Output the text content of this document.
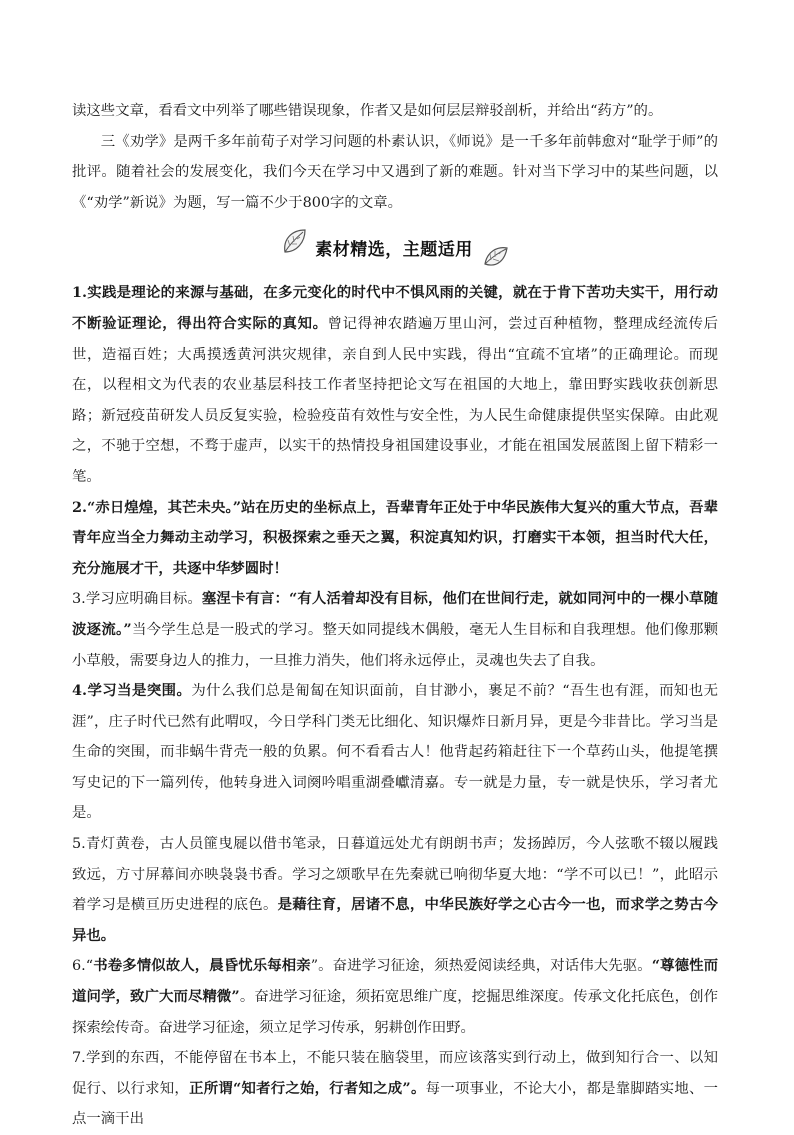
读这些文章，看看文中列举了哪些错误现象，作者又是如何层层辩驳剖析，并给出“药方”的。

三《劝学》是两千多年前荀子对学习问题的朴素认识，《师说》是一千多年前韩愈对“耻学于师”的批评。随着社会的发展变化，我们今天在学习中又遇到了新的难题。针对当下学习中的某些问题，以《“劝学”新说》为题，写一篇不少于800字的文章。

素材精选，主题适用

1.实践是理论的来源与基础，在多元变化的时代中不惧风雨的关键，就在于肯下苦功夫实干，用行动不断验证理论，得出符合实际的真知。曾记得神农踏遍万里山河，尝过百种植物，整理成经流传后世，造福百姓；大禹摸透黄河洪灾规律，亲自到人民中实践，得出“宜疏不宜堵”的正确理论。而现在，以程相文为代表的农业基层科技工作者坚持把论文写在祖国的大地上，靠田野实践收获创新思路；新冠疫苗研发人员反复实验，检验疫苗有效性与安全性，为人民生命健康提供坚实保障。由此观之，不驰于空想，不骛于虚声，以实干的热情投身祖国建设事业，才能在祖国发展蓝图上留下精彩一笔。

2.“赤日煌煌，其芒未央。”站在历史的坐标点上，吾辈青年正处于中华民族伟大复兴的重大节点，吾辈青年应当全力舞动主动学习，积极探索之垂天之翼，积淀真知灼识，打磨实干本领，担当时代大任，充分施展才干，共逐中华梦圆时！

3.学习应明确目标。塞涅卡有言：“有人活着却没有目标，他们在世间行走，就如同河中的一棵小草随波逐流。”当今学生总是一股式的学习。整天如同提线木偶般，毫无人生目标和自我理想。他们像那颗小草般，需要身边人的推力，一旦推力消失，他们将永远停止，灵魂也失去了自我。

4.学习当是突围。为什么我们总是匍匐在知识面前，自甘渺小，裹足不前？“吾生也有涯，而知也无涯”，庄子时代已然有此喟叹，今日学科门类无比细化、知识爆炸日新月异，更是今非昔比。学习当是生命的突围，而非蜗牛背壳一般的负累。何不看看古人！他背起药箱赶往下一个草药山头，他提笔撰写史记的下一篇列传，他转身进入词阕吟唱重湖叠巘清嘉。专一就是力量，专一就是快乐，学习者尤是。

5.青灯黄卷，古人员篚曳屣以借书笔录，日暮道远处尤有朗朗书声；发扬踔厉，今人弦歌不辍以履践致远，方寸屏幕间亦映袅袅书香。学习之颂歌早在先秦就已响彻华夏大地：“学不可以已！”，此昭示着学习是横亘历史进程的底色。是藉往育，居诸不息，中华民族好学之心古今一也，而求学之势古今异也。

6.“书卷多情似故人，晨昏忧乐每相亲”。奋进学习征途，须热爱阅读经典，对话伟大先驱。“尊德性而道问学，致广大而尽精微”。奋进学习征途，须拓宽思维广度，挖掘思维深度。传承文化托底色，创作探索绘传奇。奋进学习征途，须立足学习传承，躬耕创作田野。

7.学到的东西，不能停留在书本上，不能只装在脑袋里，而应该落实到行动上，做到知行合一、以知促行、以行求知，正所谓“知者行之始，行者知之成”。每一项事业，不论大小，都是靠脚踏实地、一点一滴干出
